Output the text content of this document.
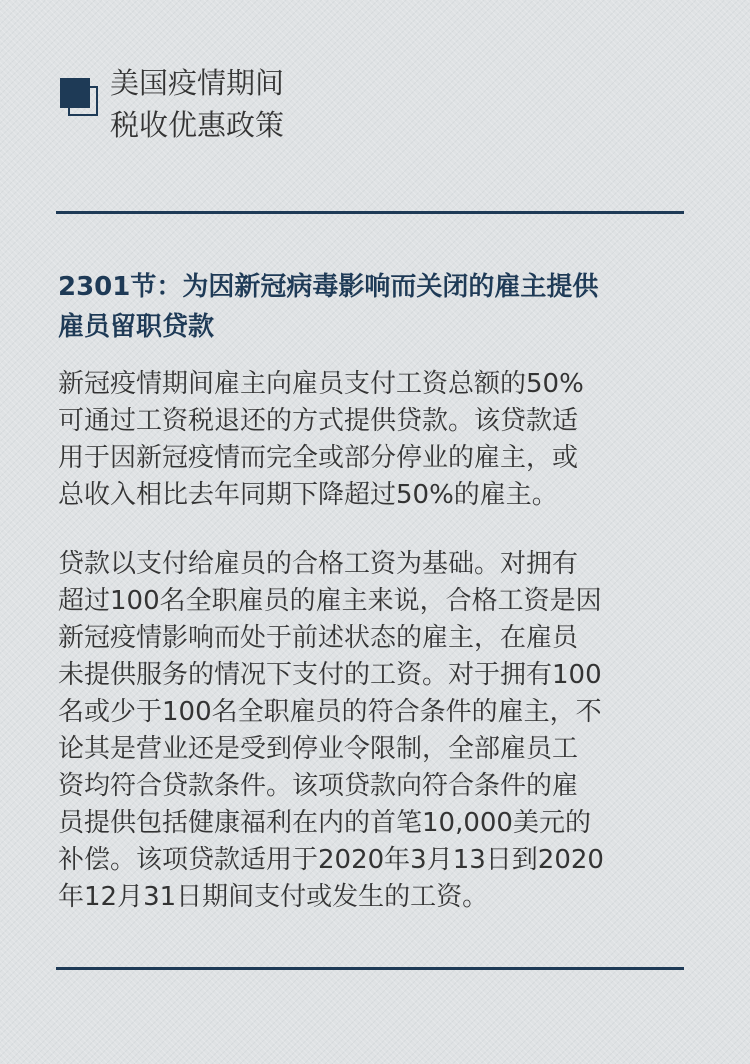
美国疫情期间
税收优惠政策
2301节：为因新冠病毒影响而关闭的雇主提供
雇员留职贷款

新冠疫情期间雇主向雇员支付工资总额的50%
可通过工资税退还的方式提供贷款。该贷款适
用于因新冠疫情而完全或部分停业的雇主，或
总收入相比去年同期下降超过50%的雇主。

贷款以支付给雇员的合格工资为基础。对拥有
超过100名全职雇员的雇主来说，合格工资是因
新冠疫情影响而处于前述状态的雇主，在雇员
未提供服务的情况下支付的工资。对于拥有100
名或少于100名全职雇员的符合条件的雇主，不
论其是营业还是受到停业令限制，全部雇员工
资均符合贷款条件。该项贷款向符合条件的雇
员提供包括健康福利在内的首笔10,000美元的
补偿。该项贷款适用于2020年3月13日到2020
年12月31日期间支付或发生的工资。
